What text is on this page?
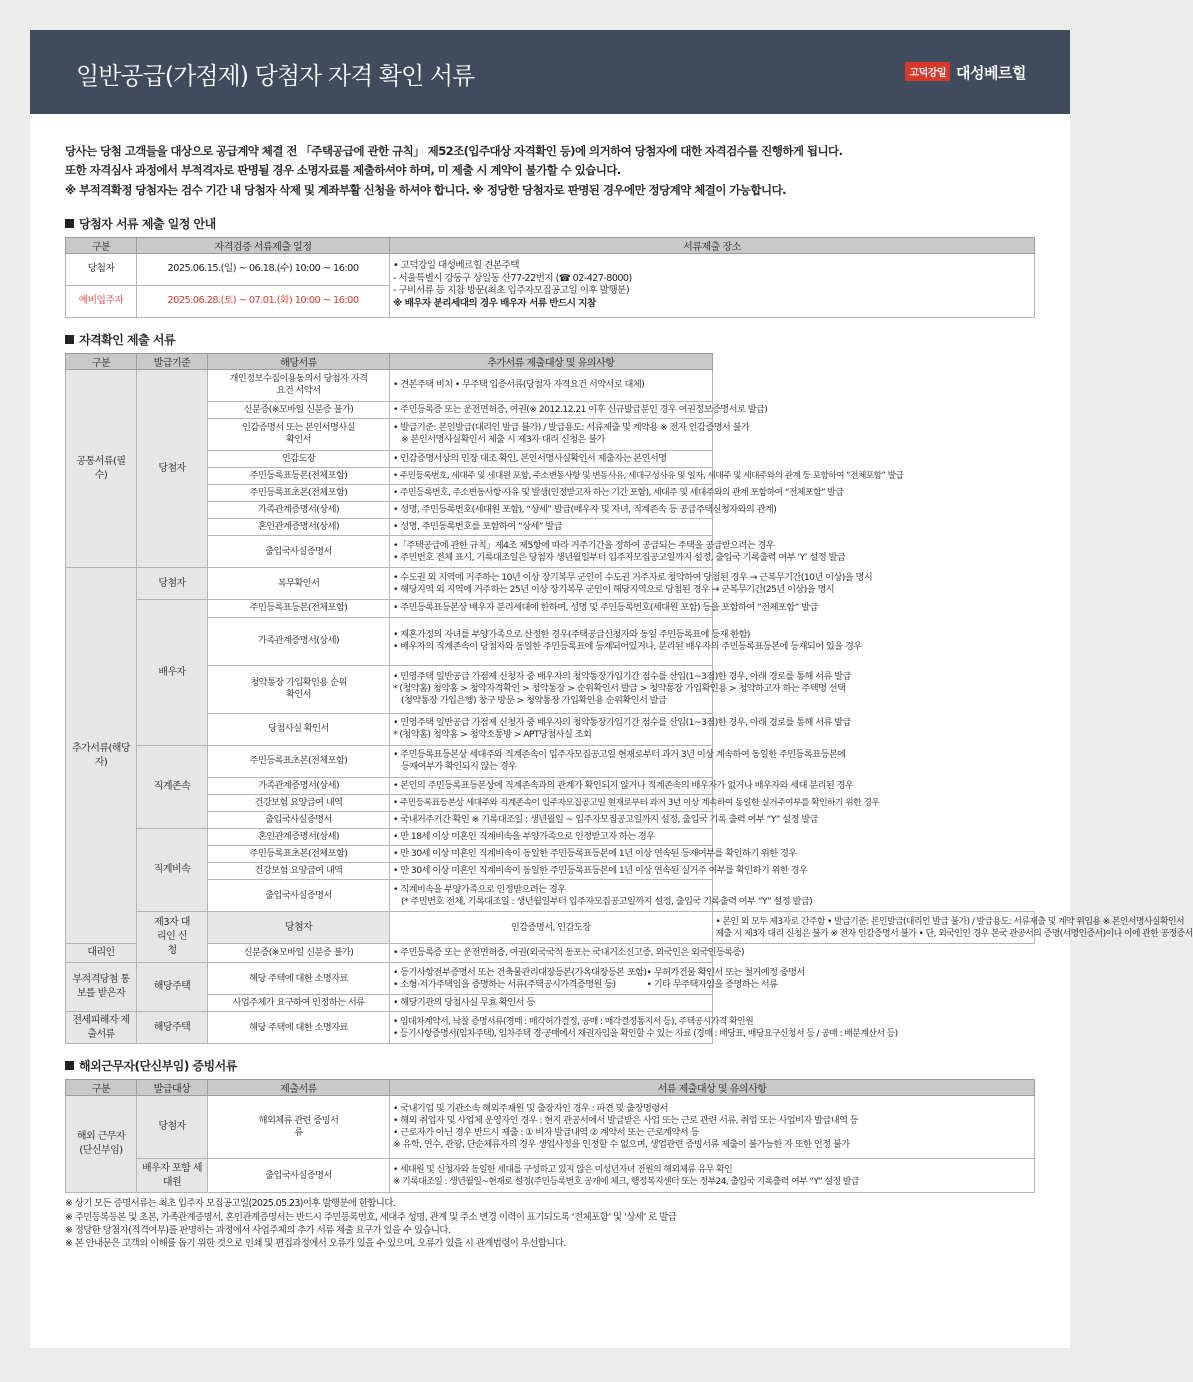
일반공급(가점제) 당첨자 자격 확인 서류	고덕강일 대성베르힐
당사는 당첨 고객들을 대상으로 공급계약 체결 전 「주택공급에 관한 규칙」 제52조(입주대상 자격확인 등)에 의거하여 당첨자에 대한 자격검수를 진행하게 됩니다.
또한 자격심사 과정에서 부적격자로 판명될 경우 소명자료를 제출하셔야 하며, 미 제출 시 계약이 불가할 수 있습니다.
※ 부적격확정 당첨자는 검수 기간 내 당첨자 삭제 및 계좌부활 신청을 하셔야 합니다. ※ 정당한 당첨자로 판명된 경우에만 정당계약 체결이 가능합니다.
당첨자 서류 제출 일정 안내
구분	자격검증 서류제출 일정	서류제출 장소
당첨자	2025.06.15.(일) ~ 06.18.(수) 10:00 ~ 16:00	• 고덕강일 대성베르힐 견본주택
- 서울특별시 강동구 상일동 산77-22번지 (☎ 02-427-8000)
- 구비서류 등 지참 방문(최초 입주자모집공고일 이후 발행분)
※ 배우자 분리세대의 경우 배우자 서류 반드시 지참

예비입주자	2025.06.28.(토) ~ 07.01.(화) 10:00 ~ 16:00	
자격확인 제출 서류
구분	발급기준	해당서류	추가서류 제출대상 및 유의사항	
공통서류(필수)	당첨자	개인정보수집이용동의서 당첨자 자격요건 서약서	• 견본주택 비치 • 무주택 입증서류(당첨자 자격요건 서약서로 대체)	

		신분증(※모바일 신분증 불가)	• 주민등록증 또는 운전면허증, 여권(※ 2012.12.21 이후 신규발급분인 경우 여권정보증명서로 발급)	

		인감증명서 또는 본인서명사실확인서	• 발급기준: 본인발급(대리인 발급 불가) / 발급용도: 서류제출 및 계약용 ※ 전자 인감증명서 불가
※ 본인서명사실확인서 제출 시 제3자 대리 신청은 불가	

		인감도장	• 인감증명서상의 인장 대조 확인, 본인서명사실확인서 제출자는 본인서명	

		주민등록표등본(전체포함)	• 주민등록번호, 세대주 및 세대원 포함, 주소변동사항 및 변동사유, 세대구성사유 및 일자, 세대주 및 세대주와의 관계 등 포함하여 “전체포함” 발급	

		주민등록표초본(전체포함)	• 주민등록번호, 주소변동사항·사유 및 발생(인정받고자 하는 기간 포함), 세대주 및 세대주와의 관계 포함하여 “전체포함” 발급	

		가족관계증명서(상세)	• 성명, 주민등록번호(세대원 포함), “상세” 발급(배우자 및 자녀, 직계존속 등 공급주택신청자와의 관계)	

		혼인관계증명서(상세)	• 성명, 주민등록번호를 포함하여 “상세” 발급	

		출입국사실증명서	•「주택공급에 관한 규칙」제4조 제5항에 따라 거주기간을 정하여 공급되는 주택을 공급받으려는 경우
• 주민번호 전체 표시, 기록대조일은 당첨자 생년월일부터 입주자모집공고일까지 설정, 출입국 기록출력 여부 ‘Y’ 설정 발급	

추가서류(해당자)	당첨자	복무확인서	• 수도권 외 지역에 거주하는 10년 이상 장기복무 군인이 수도권 거주자로 청약하여 당첨된 경우 → 근복무기간(10년 이상)을 명시
• 해당지역 외 지역에 거주하는 25년 이상 장기복무 군인이 해당지역으로 당첨된 경우 → 군복무기간(25년 이상)을 명시	

	배우자	주민등록표등본(전체포함)	• 주민등록표등본상 배우자 분리세대에 한하며, 성명 및 주민등록번호(세대원 포함) 등을 포함하여 “전체포함” 발급	

		가족관계증명서(상세)	• 재혼가정의 자녀를 부양가족으로 산정한 경우(주택공급신청자와 동일 주민등록표에 등재 한함)
• 배우자의 직계존속이 당첨자와 동일한 주민등록표에 등재되어있거나, 분리된 배우자의 주민등록표등본에 등재되어 있을 경우	

		청약통장 가입확인용 순위확인서	• 민영주택 일반공급 가점제 신청자 중 배우자의 청약통장가입기간 점수를 산입(1~3점)한 경우, 아래 경로를 통해 서류 발급
* (청약홈) 청약홈 > 청약자격확인 > 청약통장 > 순위확인서 발급 > 청약통장 가입확인용 > 청약하고자 하는 주택명 선택
(청약통장 가입은행) 창구 방문 > 청약통장 가입확인용 순위확인서 발급	

		당첨사실 확인서	• 민영주택 일반공급 가점제 신청자 중 배우자의 청약통장가입기간 점수를 산입(1~3점)한 경우, 아래 경로를 통해 서류 발급
* (청약홈) 청약홈 > 청약소통방 > APT당첨사실 조회	

	직계존속	주민등록표초본(전체포함)	• 주민등록표등본상 세대주와 직계존속이 입주자모집공고일 현재로부터 과거 3년 이상 계속하여 동일한 주민등록표등본에
등재여부가 확인되지 않는 경우	

		가족관계증명서(상세)	• 본인의 주민등록표등본상에 직계존속과의 관계가 확인되지 않거나 직계존속의 배우자가 없거나 배우자와 세대 분리된 경우	

		건강보험 요양급여 내역	• 주민등록표등본상 세대주와 직계존속이 입주자모집공고일 현재로부터 과거 3년 이상 계속하여 동일한 실거주여부를 확인하기 위한 경우	

		출입국사실증명서	• 국내거주기간 확인 ※ 기록대조일 : 생년월일 ~ 입주자모집공고일까지 설정, 출입국 기록 출력 여부 “Y” 설정 발급	

	직계비속	혼인관계증명서(상세)	• 만 18세 이상 미혼인 직계비속을 부양가족으로 인정받고자 하는 경우	

		주민등록표초본(전체포함)	• 만 30세 이상 미혼인 직계비속이 동일한 주민등록표등본에 1년 이상 연속된 등재여부를 확인하기 위한 경우	

		건강보험 요양급여 내역	• 만 30세 이상 미혼인 직계비속이 동일한 주민등록표등본에 1년 이상 연속된 실거주 여부를 확인하기 위한 경우	

		출입국사실증명서	• 직계비속을 부양가족으로 인정받으려는 경우
(* 주민번호 전체, 기록대조일 : 생년월일부터 입주자모집공고일까지 설정, 출입국 기록출력 여부 “Y” 설정 발급)	

	제3자 대리인 신청	당첨자	인감증명서, 인감도장	• 본인 외 모두 제3자로 간주함 • 발급기준: 본인발급(대리인 발급 불가) / 발급용도: 서류제출 및 계약 위임용 ※ 본인서명사실확인서
제출 시 제3자 대리 신청은 불가 ※ 전자 인감증명서 불가 • 단, 외국인인 경우 본국 관공서의 증명(서명인증서)이나 이에 관한 공정증서

대리인		신분증(※모바일 신분증 불가)	• 주민등록증 또는 운전면허증, 여권(외국국적 동포는 국내거소신고증, 외국인은 외국인등록증)	

부적격당첨 통보를 받은자	해당주택	해당 주택에 대한 소명자료	• 등기사항전부증명서 또는 건축물관리대장등본(가옥대장등본 포함)
• 소형·저가주택임을 증명하는 서류(주택공시가격증명원 등)
• 무허가건물 확인서 또는 철거예정 증명서
• 기타 무주택자임을 증명하는 서류	

		사업주체가 요구하여 인정하는 서류	• 해당기관의 당첨사실 무효 확인서 등	

전세피해자 제출서류	해당주택	해당 주택에 대한 소명자료	• 임대차계약서, 낙찰 증명서류(경매 : 매각허가결정, 공매 : 매각결정통지서 등), 주택공시가격 확인원
• 등기사항증명서(임차주택), 임차주택 경·공매에서 채권자임을 확인할 수 있는 자료 (경매 : 배당표, 배당요구신청서 등 / 공매 : 배분계산서 등)	
해외근무자(단신부임) 증빙서류
구분	발급대상	제출서류	서류 제출대상 및 유의사항
해외 근무자 (단신부임)	당첨자	해외체류 관련 증빙서류	• 국내기업 및 기관소속 해외주재원 및 출장자인 경우 : 파견 및 출장명령서
• 해외 취업자 및 사업체 운영자인 경우 : 현지 관공서에서 발급받은 사업 또는 근로 관련 서류, 취업 또는 사업비자 발급내역 등
• 근로자가 아닌 경우 반드시 제출 : ① 비자 발급내역 ② 계약서 또는 근로계약서 등
※ 유학, 연수, 관광, 단순체류자의 경우 생업사정을 인정할 수 없으며, 생업관련 증빙서류 제출이 불가능한 자 또한 인정 불가

	배우자 포함 세대원	출입국사실증명서	• 세대원 및 신청자와 동일한 세대를 구성하고 있지 않은 미성년자녀 전원의 해외체류 유무 확인
※ 기록대조일 : 생년월일~현재로 설정(주민등록번호 공개에 체크, 행정복지센터 또는 정부24, 출입국 기록출력 여부 “Y” 설정 발급
※ 상기 모든 증명서류는 최초 입주자 모집공고일(2025.05.23)이후 발행분에 한합니다.
※ 주민등록등본 및 초본, 가족관계증명서, 혼인관계증명서는 반드시 주민등록번호, 세대주 성명, 관계 및 주소 변경 이력이 표기되도록 ‘전체포함’ 및 ‘상세’ 로 발급
※ 정당한 당첨자(적격여부)를 판명하는 과정에서 사업주체의 추가 서류 제출 요구가 있을 수 있습니다.
※ 본 안내문은 고객의 이해를 돕기 위한 것으로 인쇄 및 편집과정에서 오류가 있을 수 있으며, 오류가 있을 시 관계법령이 우선합니다.
